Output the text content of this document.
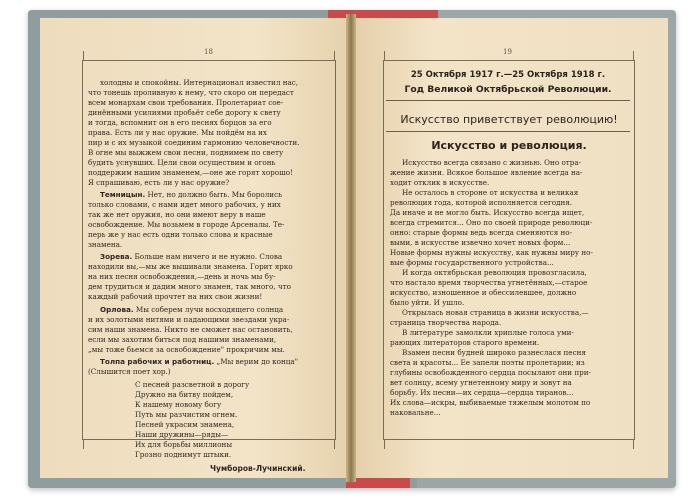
18	19
холодны и спокойны. Интернационал известил нас,
что тонешь проливную к нему, что скоро он передаст
всем монархам свои требования. Пролетариат сое-
динёнными усилиями пробьёт себе дорогу к свету
и тогда, вспомнит он в его песнях борцов за его
права. Есть ли у нас оружие. Мы пойдём на их
пир и с их музыкой соединим гармонию человечности.
В огне мы выжжем свои песни, поднимем по свету
будить уснувших. Цели свои осуществим и огонь
поддержим нашим знаменем,—оне же горят хорошо!
Я спрашиваю, есть ли у нас оружие?
Темницын. Нет, но должно быть. Мы боролись
только словами, с нами идет много рабочих, у них
так же нет оружия, но они имеют веру в наше
освобождение. Мы возьмем в городе Арсеналы. Те-
перь же у нас есть одни только слова и красные
знамена.
Зорева. Больше нам ничего и не нужно. Слова
находили вы,—мы же вышивали знамена. Горит ярко
на них песня освобождения,—день и ночь мы бу-
дем трудиться и дадим много знамен, так много, что
каждый рабочий прочтет на них свои жизни!
Орлова. Мы соберем лучи восходящего солнца
и их золотыми нитями и падающими звездами укра-
сим наши знамена. Никто не сможет нас остановить,
если мы захотим биться под нашими знаменами,
„мы тоже бьемся за освобождение" прокричим мы.
Толпа рабочих и работниц. „Мы верим до конца"
(Слышится поет хор.)
С песней разсветной в дорогу
Дружно на битву пойдем,
К нашему новому богу
Путь мы разчистим огнем.
Песней украсим знамена,
Наши дружины—ряды—
Их для борьбы миллионы
Грозно поднимут штыки.
Чумборов-Лучинский.
25 Октября 1917 г.—25 Октября 1918 г.
Год Великой Октябрьской Революции.
Искусство приветствует революцию!
Искусство и революция.
Искусство всегда связано с жизнью. Оно отра-
жение жизни. Всякое большое явление всегда на-
ходит отклик в искусстве.
Не осталось в стороне от искусства и великая
революция года, которой исполняется сегодня.
Да иначе и не могло быть. Искусство всегда ищет,
всегда стремится... Оно по своей природе революци-
онно: старые формы ведь всегда сменяются но-
выми, в искусстве извечно хочет новых форм...
Новые формы нужны искусству, как нужны миру но-
вые формы государственного устройства...
И когда октябрьская революция провозгласила,
что настало время творчества угнетённых,—старое
искусство, изношенное и обессилевшее, должно
было уйти. И ушло.
Открылась новая страница в жизни искусства,—
страница творчества народа.
В литературе замолкли хриплые голоса уми-
рающих литераторов старого времени.
Взамен песни будней широко разнеслася песня
света и красоты... Ее запели поэты пролетарии; из
глубины освобожденного сердца посылают они при-
вет солнцу, всему угнетенному миру и зовут на
борьбу. Их песни—их сердца—сердца тиранов...
Их слова—искры, выбиваемые тяжелым молотом по
наковальне...
